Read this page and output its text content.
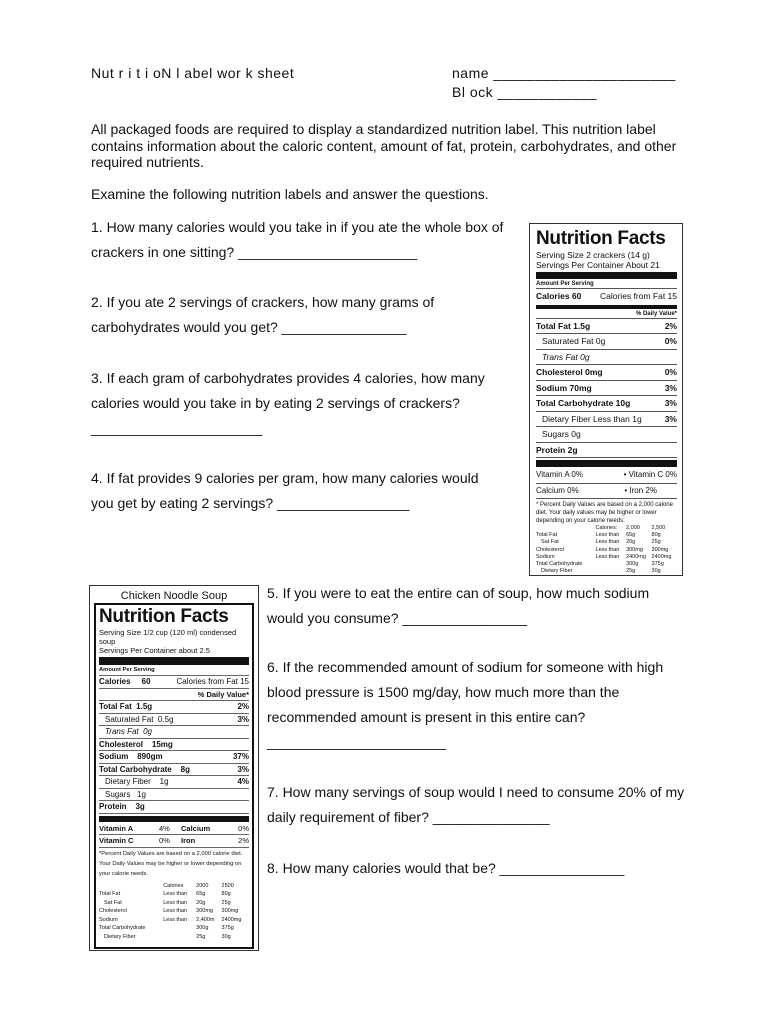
Nut r i t i oN l abel wor k sheet	name ______________________
Bl ock ____________
All packaged foods are required to display a standardized nutrition label. This nutrition label contains information about the caloric content, amount of fat, protein, carbohydrates, and other required nutrients.
Examine the following nutrition labels and answer the questions.
1. How many calories would you take in if you ate the whole box of crackers in one sitting? _______________________
2. If you ate 2 servings of crackers, how many grams of carbohydrates would you get? ________________
3. If each gram of carbohydrates provides 4 calories, how many calories would you take in by eating 2 servings of crackers? ______________________
4. If fat provides 9 calories per gram, how many calories would you get by eating 2 servings? _________________
5. If you were to eat the entire can of soup, how much sodium would you consume? ________________
6. If the recommended amount of sodium for someone with high blood pressure is 1500 mg/day, how much more than the recommended amount is present in this entire can? _______________________
7. How many servings of soup would I need to consume 20% of my daily requirement of fiber? _______________
8. How many calories would that be? ________________
Nutrition Facts
Serving Size 2 crackers (14 g)
Servings Per Container About 21
Amount Per Serving
Calories 60 Calories from Fat 15
% Daily Value*
Total Fat 1.5g	2%
Saturated Fat 0g	0%
Trans Fat 0g
Cholesterol 0mg	0%
Sodium 70mg	3%
Total Carbohydrate 10g	3%
Dietary Fiber Less than 1g	3%
Sugars 0g
Protein 2g
Vitamin A 0%	• Vitamin C 0%
Calcium 0%	• Iron 2%
* Percent Daily Values are based on a 2,000 calorie diet. Your daily values may be higher or lower depending on your calorie needs:
	Calories:	2,000	2,500
Total Fat	Less than	65g	80g
Sat Fat	Less than	20g	25g
Cholesterol	Less than	300mg	300mg
Sodium	Less than	2400mg	2400mg
Total Carbohydrate		300g	375g
Dietary Fiber		25g	30g
Chicken Noodle Soup
Nutrition Facts
Serving Size 1/2 cup (120 ml) condensed soup
Servings Per Container about 2.5
Amount Per Serving
Calories     60	Calories from Fat 15
% Daily Value*
Total Fat  1.5g	2%
Saturated Fat  0.5g	3%
Trans Fat  0g
Cholesterol    15mg
Sodium    890gm	37%
Total Carbohydrate    8g	3%
Dietary Fiber    1g	4%
Sugars   1g
Protein    3g
Vitamin A	4%	Calcium	0%
Vitamin C	0%	Iron	2%
*Percent Daily Values are based on a 2,000 calorie diet. Your Daily Values may be higher or lower depending on your calorie needs.
	Calories	2000	2500
Total Fat	Less than	65g	80g
Sat Fat	Less than	20g	25g
Cholesterol	Less than	300mg	300mg
Sodium	Less than	2,400m	2400mg
Total Carbohydrate		300g	375g
Dietary Fiber		25g	30g
